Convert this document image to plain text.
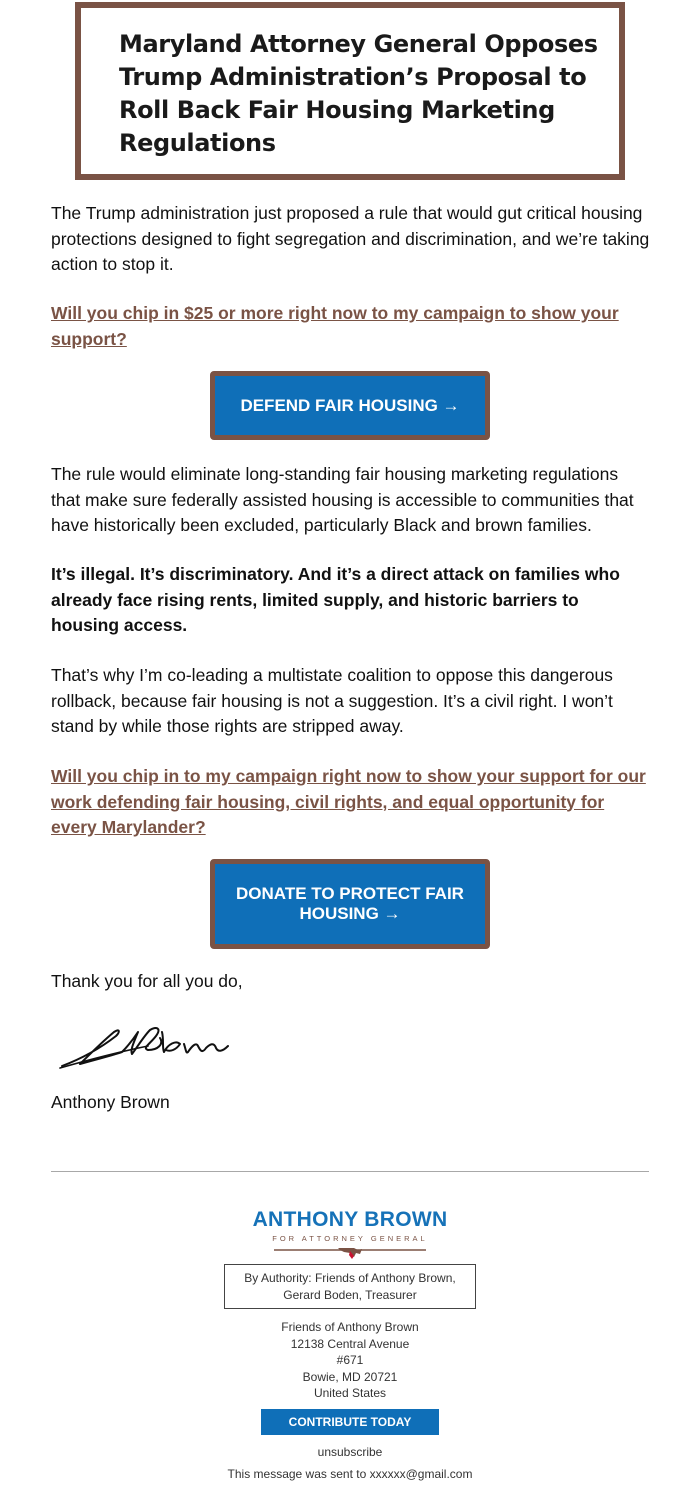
Maryland Attorney General Opposes Trump Administration’s Proposal to Roll Back Fair Housing Marketing Regulations

The Trump administration just proposed a rule that would gut critical housing protections designed to fight segregation and discrimination, and we’re taking action to stop it.

Will you chip in $25 or more right now to my campaign to show your support?
DEFEND FAIR HOUSING →

The rule would eliminate long-standing fair housing marketing regulations that make sure federally assisted housing is accessible to communities that have historically been excluded, particularly Black and brown families.

It’s illegal. It’s discriminatory. And it’s a direct attack on families who already face rising rents, limited supply, and historic barriers to housing access.

That’s why I’m co-leading a multistate coalition to oppose this dangerous rollback, because fair housing is not a suggestion. It’s a civil right. I won’t stand by while those rights are stripped away.

Will you chip in to my campaign right now to show your support for our work defending fair housing, civil rights, and equal opportunity for every Marylander?
DONATE TO PROTECT FAIR HOUSING →

Thank you for all you do,

Anthony Brown

ANTHONY BROWN
FOR ATTORNEY GENERAL
By Authority: Friends of Anthony Brown, Gerard Boden, Treasurer
Friends of Anthony Brown
12138 Central Avenue
#671
Bowie, MD 20721
United States
CONTRIBUTE TODAY
unsubscribe
This message was sent to xxxxxx@gmail.com
